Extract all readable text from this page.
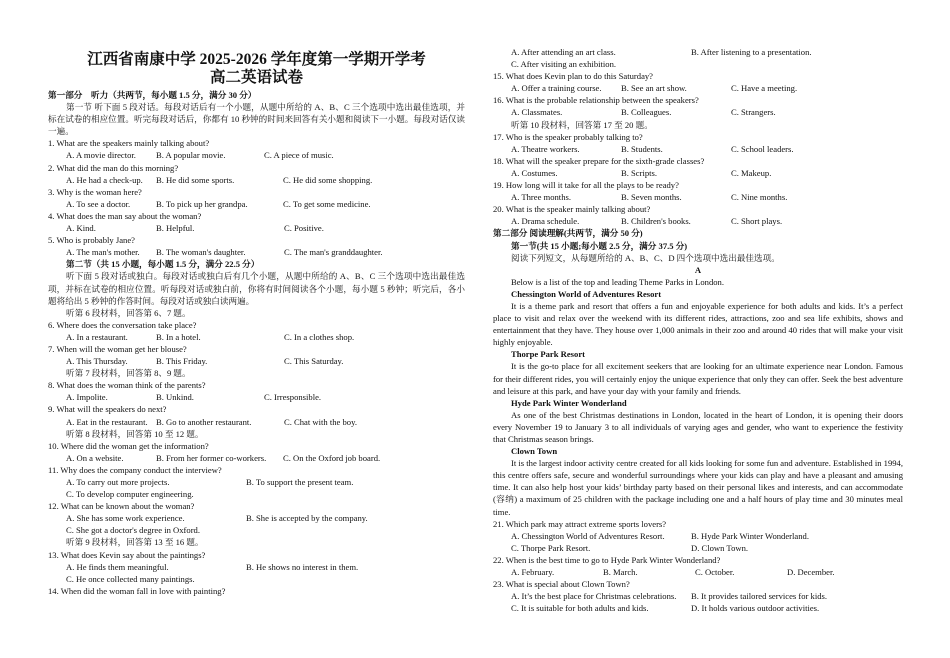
江西省南康中学 2025-2026 学年度第一学期开学考
高二英语试卷
第一部分　听力（共两节，每小题 1.5 分，满分 30 分）
第一节 听下面 5 段对话。每段对话后有一个小题，从题中所给的 A、B、C 三个选项中选出最佳选项，并标在试卷的相应位置。听完每段对话后，你都有 10 秒钟的时间来回答有关小题和阅读下一小题。每段对话仅读一遍。
1. What are the speakers mainly talking about?
A. A movie director.	B. A popular movie.	C. A piece of music.
2. What did the man do this morning?
A. He had a check-up.	B. He did some sports.	C. He did some shopping.
3. Why is the woman here?
A. To see a doctor.	B. To pick up her grandpa.	C. To get some medicine.
4. What does the man say about the woman?
A. Kind.	B. Helpful.	C. Positive.
5. Who is probably Jane?
A. The man's mother.	B. The woman's daughter.	C. The man's granddaughter.
第二节（共 15 小题，每小题 1.5 分，满分 22.5 分）
听下面 5 段对话或独白。每段对话或独白后有几个小题，从题中所给的 A、B、C 三个选项中选出最佳选项，并标在试卷的相应位置。听每段对话或独白前，你将有时间阅读各个小题，每小题 5 秒钟；听完后，各小题将给出 5 秒钟的作答时间。每段对话或独白读两遍。
听第 6 段材料，回答第 6、7 题。
6. Where does the conversation take place?
A. In a restaurant.	B. In a hotel.	C. In a clothes shop.
7. When will the woman get her blouse?
A. This Thursday.	B. This Friday.	C. This Saturday.
听第 7 段材料，回答第 8、9 题。
8. What does the woman think of the parents?
A. Impolite.	B. Unkind.	C. Irresponsible.
9. What will the speakers do next?
A. Eat in the restaurant. B. Go to another restaurant.	C. Chat with the boy.
听第 8 段材料，回答第 10 至 12 题。
10. Where did the woman get the information?
A. On a website.	B. From her former co-workers.	C. On the Oxford job board.
11. Why does the company conduct the interview?
A. To carry out more projects.	B. To support the present team.
C. To develop computer engineering.
12. What can be known about the woman?
A. She has some work experience.	B. She is accepted by the company.
C. She got a doctor's degree in Oxford.
听第 9 段材料，回答第 13 至 16 题。
13. What does Kevin say about the paintings?
A. He finds them meaningful.	B. He shows no interest in them.
C. He once collected many paintings.
14. When did the woman fall in love with painting?
A. After attending an art class.	B. After listening to a presentation.
C. After visiting an exhibition.
15. What does Kevin plan to do this Saturday?
A. Offer a training course.	B. See an art show.	C. Have a meeting.
16. What is the probable relationship between the speakers?
A. Classmates.	B. Colleagues.	C. Strangers.
听第 10 段材料，回答第 17 至 20 题。
17. Who is the speaker probably talking to?
A. Theatre workers.	B. Students.	C. School leaders.
18. What will the speaker prepare for the sixth-grade classes?
A. Costumes.	B. Scripts.	C. Makeup.
19. How long will it take for all the plays to be ready?
A. Three months.	B. Seven months.	C. Nine months.
20. What is the speaker mainly talking about?
A. Drama schedule.	B. Children's books.	C. Short plays.
第二部分 阅读理解(共两节，满分 50 分)
第一节(共 15 小题;每小题 2.5 分，满分 37.5 分)
阅读下列短文，从每题所给的 A、B、C、D 四个选项中选出最佳选项。
A
Below is a list of the top and leading Theme Parks in London.
Chessington World of Adventures Resort
It is a theme park and resort that offers a fun and enjoyable experience for both adults and kids. It’s a perfect place to visit and relax over the weekend with its different rides, attractions, zoo and sea life exhibits, shows and entertainment that they have. They house over 1,000 animals in their zoo and around 40 rides that will make your visit highly enjoyable.
Thorpe Park Resort
It is the go-to place for all excitement seekers that are looking for an ultimate experience near London. Famous for their different rides, you will certainly enjoy the unique experience that only they can offer. Seek the best adventure and leisure at this park, and have your day with your family and friends.
Hyde Park Winter Wonderland
As one of the best Christmas destinations in London, located in the heart of London, it is opening their doors every November 19 to January 3 to all individuals of varying ages and gender, who want to experience the festivity that Christmas season brings.
Clown Town
It is the largest indoor activity centre created for all kids looking for some fun and adventure. Established in 1994, this centre offers safe, secure and wonderful surroundings where your kids can play and have a pleasant and amusing time. It can also help host your kids’ birthday party based on their personal likes and interests, and can accommodate (容纳) a maximum of 25 children with the package including one and a half hours of play time and 30 minutes meal time.
21. Which park may attract extreme sports lovers?
A. Chessington World of Adventures Resort.	B. Hyde Park Winter Wonderland.
C. Thorpe Park Resort.	D. Clown Town.
22. When is the best time to go to Hyde Park Winter Wonderland?
A. February.	B. March.	C. October.	D. December.
23. What is special about Clown Town?
A. It’s the best place for Christmas celebrations.	B. It provides tailored services for kids.
C. It is suitable for both adults and kids.	D. It holds various outdoor activities.
